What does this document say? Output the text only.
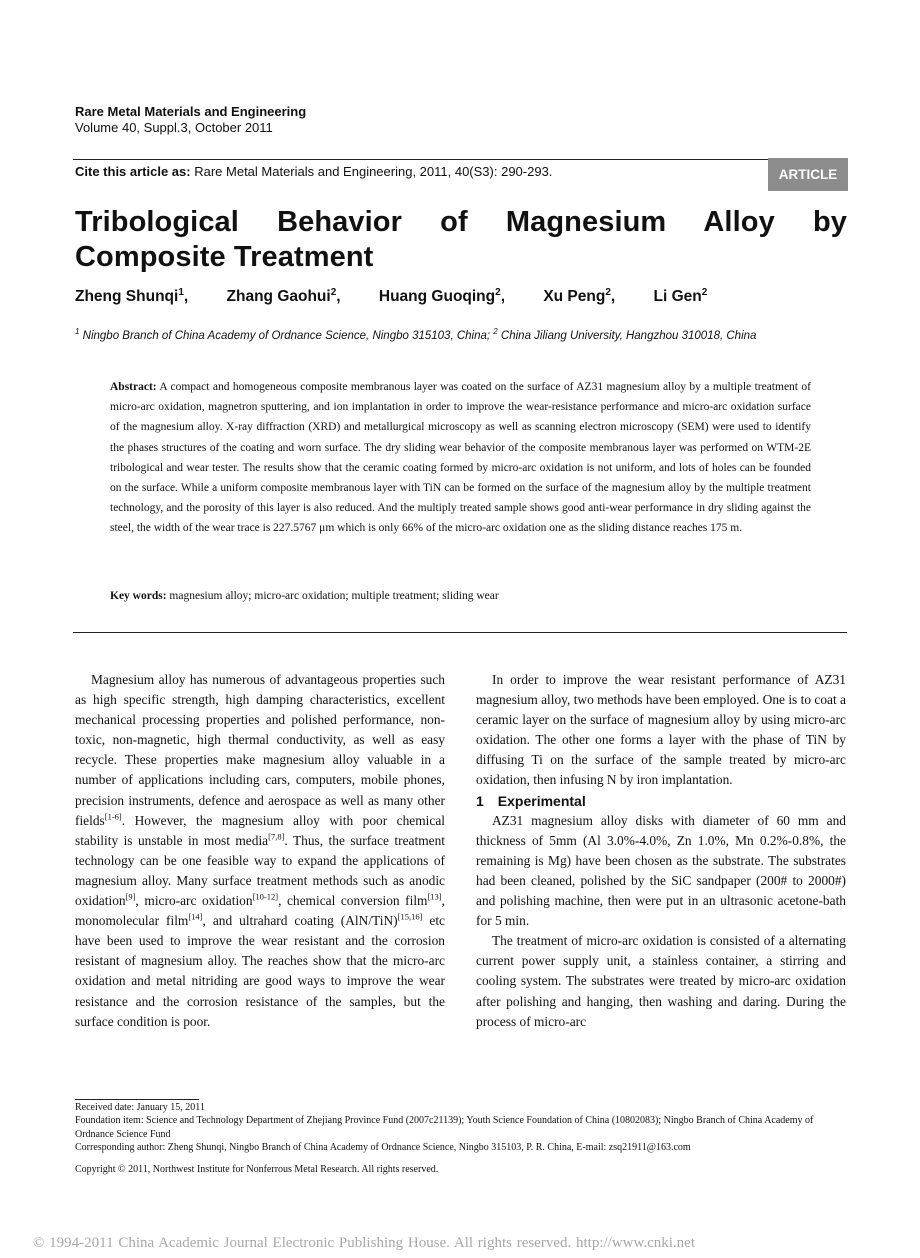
Rare Metal Materials and Engineering
Volume 40, Suppl.3, October 2011
Cite this article as: Rare Metal Materials and Engineering, 2011, 40(S3): 290-293.	ARTICLE
Tribological Behavior of Magnesium Alloy by Composite Treatment
Zheng Shunqi$^1$, Zhang Gaohui$^2$, Huang Guoqing$^2$, Xu Peng$^2$, Li Gen$^2$
$^1$ Ningbo Branch of China Academy of Ordnance Science, Ningbo 315103, China; $^2$ China Jiliang University, Hangzhou 310018, China
Abstract: A compact and homogeneous composite membranous layer was coated on the surface of AZ31 magnesium alloy by a multiple treatment of micro-arc oxidation, magnetron sputtering, and ion implantation in order to improve the wear-resistance performance and micro-arc oxidation surface of the magnesium alloy. X-ray diffraction (XRD) and metallurgical microscopy as well as scanning electron microscopy (SEM) were used to identify the phases structures of the coating and worn surface. The dry sliding wear behavior of the composite membranous layer was performed on WTM-2E tribological and wear tester. The results show that the ceramic coating formed by micro-arc oxidation is not uniform, and lots of holes can be founded on the surface. While a uniform composite membranous layer with TiN can be formed on the surface of the magnesium alloy by the multiple treatment technology, and the porosity of this layer is also reduced. And the multiply treated sample shows good anti-wear performance in dry sliding against the steel, the width of the wear trace is 227.5767 μm which is only 66% of the micro-arc oxidation one as the sliding distance reaches 175 m.
Key words: magnesium alloy; micro-arc oxidation; multiple treatment; sliding wear

Magnesium alloy has numerous of advantageous properties such as high specific strength, high damping characteristics, excellent mechanical processing properties and polished performance, non-toxic, non-magnetic, high thermal conductivity, as well as easy recycle. These properties make magnesium alloy valuable in a number of applications including cars, computers, mobile phones, precision instruments, defence and aerospace as well as many other fields[1-6]. However, the magnesium alloy with poor chemical stability is unstable in most media[7,8]. Thus, the surface treatment technology can be one feasible way to expand the applications of magnesium alloy. Many surface treatment methods such as anodic oxidation[9], micro-arc oxidation[10-12], chemical conversion film[13], monomolecular film[14], and ultrahard coating (AlN/TiN)[15,16] etc have been used to improve the wear resistant and the corrosion resistant of magnesium alloy. The reaches show that the micro-arc oxidation and metal nitriding are good ways to improve the wear resistance and the corrosion resistance of the samples, but the surface condition is poor.

In order to improve the wear resistant performance of AZ31 magnesium alloy, two methods have been employed. One is to coat a ceramic layer on the surface of magnesium alloy by using micro-arc oxidation. The other one forms a layer with the phase of TiN by diffusing Ti on the surface of the sample treated by micro-arc oxidation, then infusing N by iron implantation.

1 Experimental

AZ31 magnesium alloy disks with diameter of 60 mm and thickness of 5mm (Al 3.0%-4.0%, Zn 1.0%, Mn 0.2%-0.8%, the remaining is Mg) have been chosen as the substrate. The substrates had been cleaned, polished by the SiC sandpaper (200# to 2000#) and polishing machine, then were put in an ultrasonic acetone-bath for 5 min.

The treatment of micro-arc oxidation is consisted of a alternating current power supply unit, a stainless container, a stirring and cooling system. The substrates were treated by micro-arc oxidation after polishing and hanging, then washing and daring. During the process of micro-arc

Received date: January 15, 2011
Foundation item: Science and Technology Department of Zhejiang Province Fund (2007c21139); Youth Science Foundation of China (10802083); Ningbo Branch of China Academy of Ordnance Science Fund
Corresponding author: Zheng Shunqi, Ningbo Branch of China Academy of Ordnance Science, Ningbo 315103, P. R. China, E-mail: zsq21911@163.com
Copyright © 2011, Northwest Institute for Nonferrous Metal Research. All rights reserved.
© 1994-2011 China Academic Journal Electronic Publishing House. All rights reserved. http://www.cnki.net
